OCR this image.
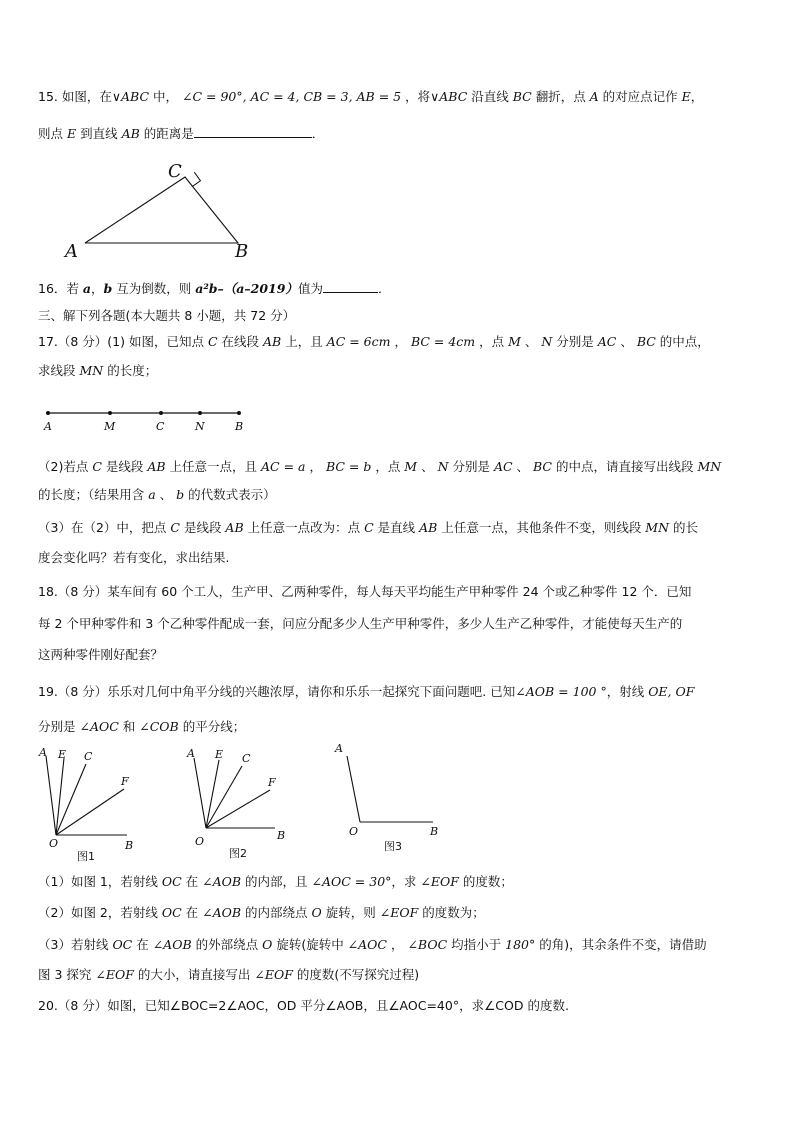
15. 如图，在∨ABC 中， ∠C = 90°, AC = 4, CB = 3, AB = 5 ，将∨ABC 沿直线 BC 翻折，点 A 的对应点记作 E，
则点 E 到直线 AB 的距离是	．
A
C
B
16．若 a，b 互为倒数，则 a²b–（a–2019）值为	．
三、解下列各题(本大题共 8 小题，共 72 分）
17.（8 分）(1) 如图，已知点 C 在线段 AB 上，且 AC = 6cm ， BC = 4cm ，点 M 、 N 分别是 AC 、 BC 的中点，
求线段 MN 的长度；
A	M	C	N	B
（2)若点 C 是线段 AB 上任意一点，且 AC = a ， BC = b ，点 M 、 N 分别是 AC 、 BC 的中点，请直接写出线段 MN
的长度；（结果用含 a 、 b 的代数式表示）
（3）在（2）中，把点 C 是线段 AB 上任意一点改为：点 C 是直线 AB 上任意一点，其他条件不变，则线段 MN 的长
度会变化吗？若有变化，求出结果.
18.（8 分）某车间有 60 个工人，生产甲、乙两种零件，每人每天平均能生产甲种零件 24 个或乙种零件 12 个．已知
每 2 个甲种零件和 3 个乙种零件配成一套，问应分配多少人生产甲种零件，多少人生产乙种零件，才能使每天生产的
这两种零件刚好配套？
19.（8 分）乐乐对几何中角平分线的兴趣浓厚，请你和乐乐一起探究下面问题吧. 已知∠AOB = 100 °，射线 OE, OF
分别是 ∠AOC 和 ∠COB 的平分线；
A E C
F
O	B
图1
A E C
F
O	B
图2
A
O	B
图3
（1）如图 1，若射线 OC 在 ∠AOB 的内部，且 ∠AOC = 30°，求 ∠EOF 的度数；
（2）如图 2，若射线 OC 在 ∠AOB 的内部绕点 O 旋转，则 ∠EOF 的度数为；
（3）若射线 OC 在 ∠AOB 的外部绕点 O 旋转(旋转中 ∠AOC ， ∠BOC 均指小于 180° 的角)，其余条件不变，请借助
图 3 探究 ∠EOF 的大小，请直接写出 ∠EOF 的度数(不写探究过程)
20.（8 分）如图，已知∠BOC=2∠AOC，OD 平分∠AOB，且∠AOC=40°，求∠COD 的度数.
